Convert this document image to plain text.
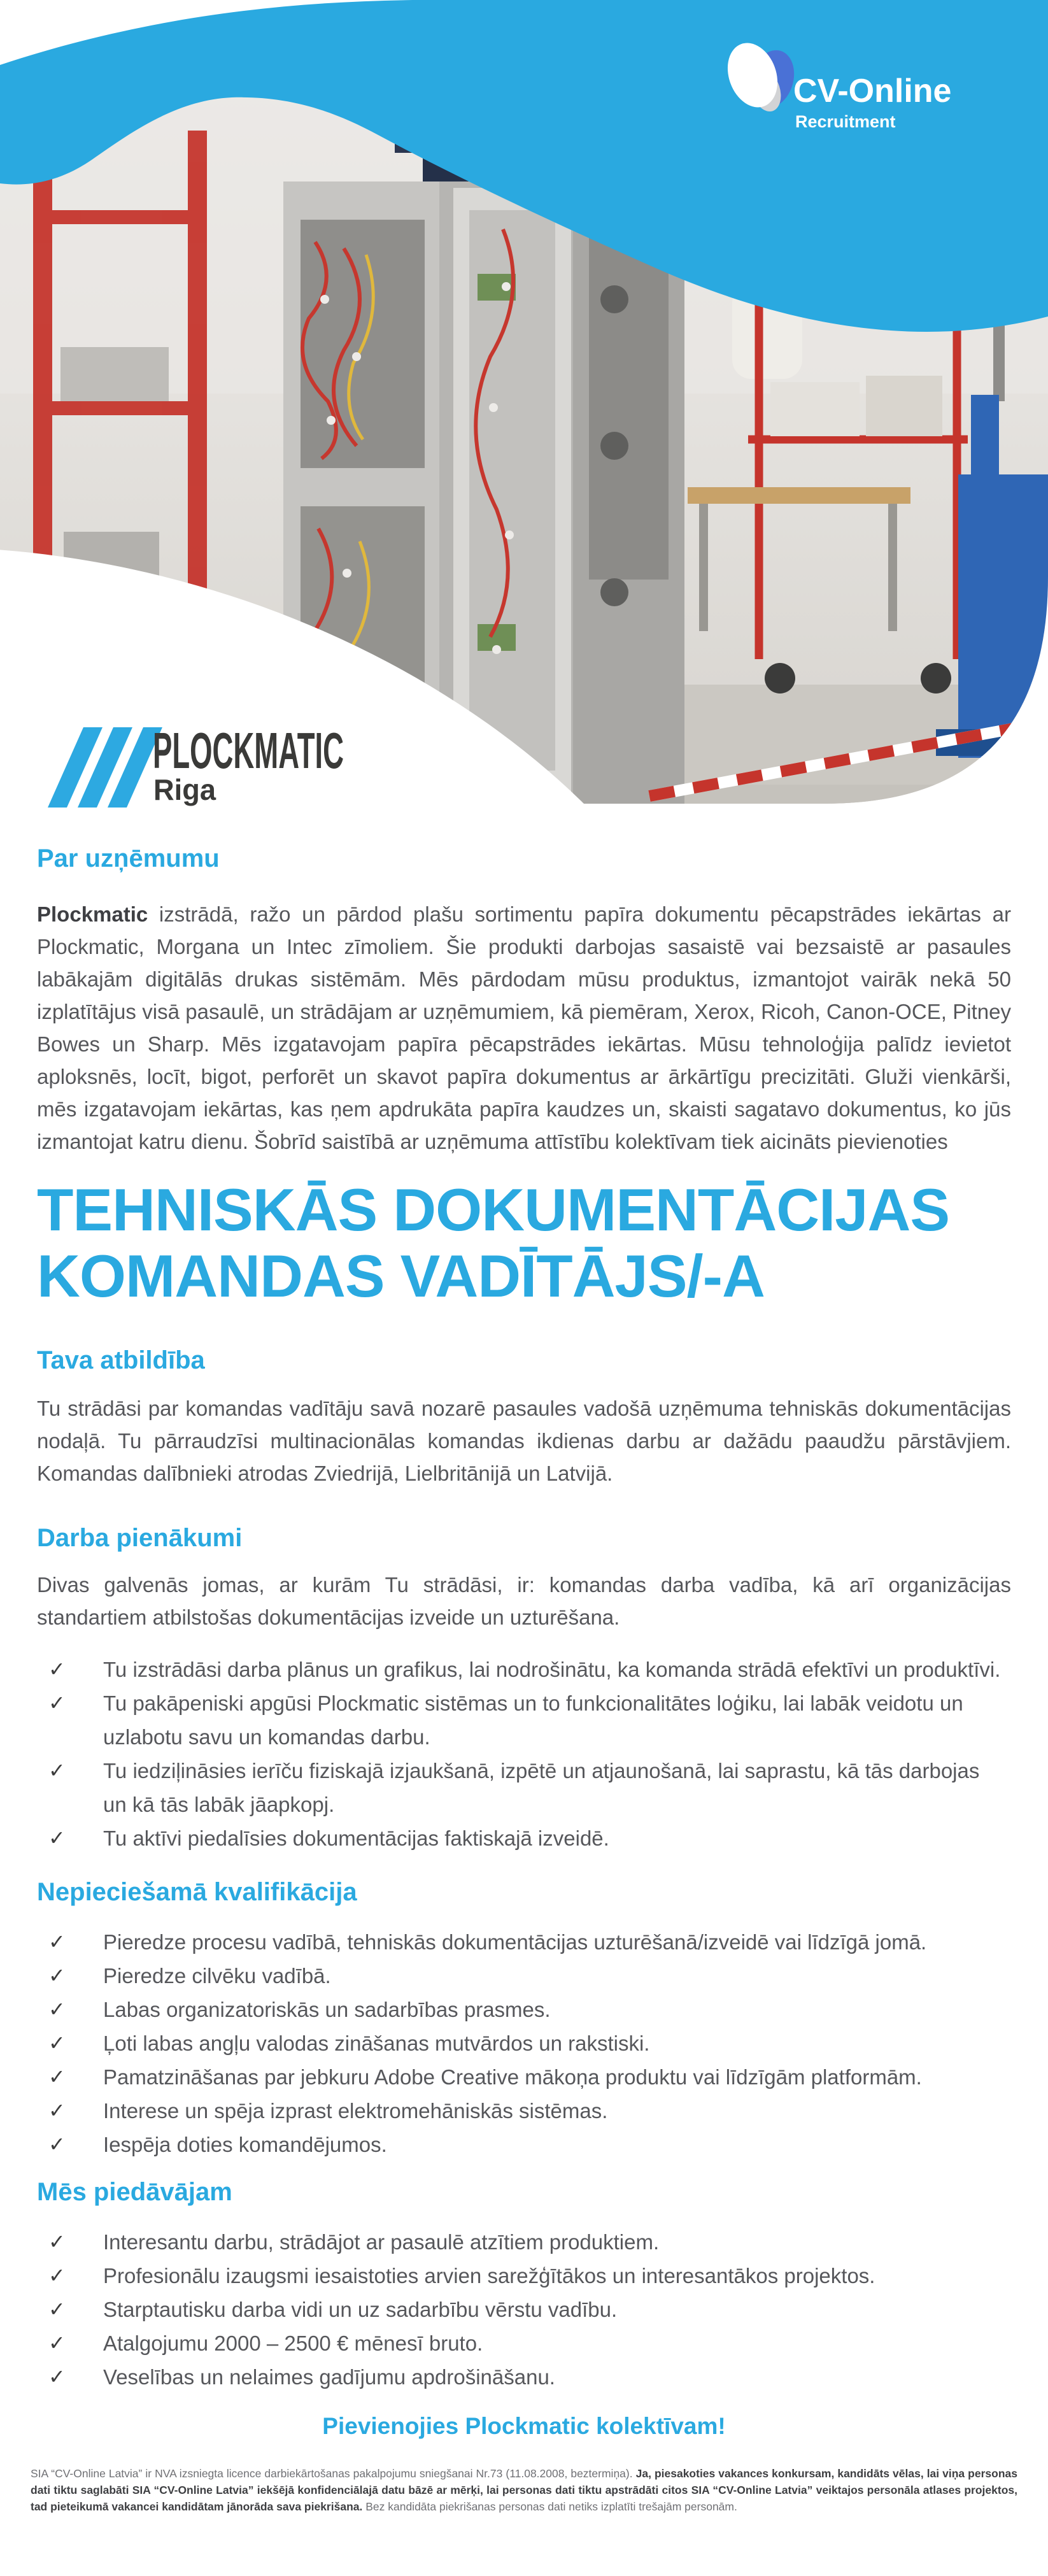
CV-Online
Recruitment
PLOCKMATIC
Riga
Par uzņēmumu

Plockmatic izstrādā, ražo un pārdod plašu sortimentu papīra dokumentu pēcapstrādes iekārtas ar Plockmatic, Morgana un Intec zīmoliem. Šie produkti darbojas sasaistē vai bezsaistē ar pasaules labākajām digitālās drukas sistēmām. Mēs pārdodam mūsu produktus, izmantojot vairāk nekā 50 izplatītājus visā pasaulē, un strādājam ar uzņēmumiem, kā piemēram, Xerox, Ricoh, Canon-OCE, Pitney Bowes un Sharp. Mēs izgatavojam papīra pēcapstrādes iekārtas. Mūsu tehnoloģija palīdz ievietot aploksnēs, locīt, bigot, perforēt un skavot papīra dokumentus ar ārkārtīgu precizitāti. Gluži vienkārši, mēs izgatavojam iekārtas, kas ņem apdrukāta papīra kaudzes un, skaisti sagatavo dokumentus, ko jūs izmantojat katru dienu. Šobrīd saistībā ar uzņēmuma attīstību kolektīvam tiek aicināts pievienoties

TEHNISKĀS DOKUMENTĀCIJAS
KOMANDAS VADĪTĀJS/-A
Tava atbildība

Tu strādāsi par komandas vadītāju savā nozarē pasaules vadošā uzņēmuma tehniskās dokumentācijas nodaļā. Tu pārraudzīsi multinacionālas komandas ikdienas darbu ar dažādu paaudžu pārstāvjiem. Komandas dalībnieki atrodas Zviedrijā, Lielbritānijā un Latvijā.

Darba pienākumi

Divas galvenās jomas, ar kurām Tu strādāsi, ir: komandas darba vadība, kā arī organizācijas standartiem atbilstošas dokumentācijas izveide un uzturēšana.

✓	Tu izstrādāsi darba plānus un grafikus, lai nodrošinātu, ka komanda strādā efektīvi un produktīvi.
✓	Tu pakāpeniski apgūsi Plockmatic sistēmas un to funkcionalitātes loģiku, lai labāk veidotu un uzlabotu savu un komandas darbu.
✓	Tu iedziļināsies ierīču fiziskajā izjaukšanā, izpētē un atjaunošanā, lai saprastu, kā tās darbojas un kā tās labāk jāapkopj.
✓	Tu aktīvi piedalīsies dokumentācijas faktiskajā izveidē.
Nepieciešamā kvalifikācija
✓	Pieredze procesu vadībā, tehniskās dokumentācijas uzturēšanā/izveidē vai līdzīgā jomā.
✓	Pieredze cilvēku vadībā.
✓	Labas organizatoriskās un sadarbības prasmes.
✓	Ļoti labas angļu valodas zināšanas mutvārdos un rakstiski.
✓	Pamatzināšanas par jebkuru Adobe Creative mākoņa produktu vai līdzīgām platformām.
✓	Interese un spēja izprast elektromehāniskās sistēmas.
✓	Iespēja doties komandējumos.
Mēs piedāvājam
✓	Interesantu darbu, strādājot ar pasaulē atzītiem produktiem.
✓	Profesionālu izaugsmi iesaistoties arvien sarežģītākos un interesantākos projektos.
✓	Starptautisku darba vidi un uz sadarbību vērstu vadību.
✓	Atalgojumu 2000 – 2500 € mēnesī bruto.
✓	Veselības un nelaimes gadījumu apdrošināšanu.
Pievienojies Plockmatic kolektīvam!

SIA “CV-Online Latvia” ir NVA izsniegta licence darbiekārtošanas pakalpojumu sniegšanai Nr.73 (11.08.2008, beztermiņa). Ja, piesakoties vakances konkursam, kandidāts vēlas, lai viņa personas dati tiktu saglabāti SIA “CV-Online Latvia” iekšējā konfidenciālajā datu bāzē ar mērķi, lai personas dati tiktu apstrādāti citos SIA “CV-Online Latvia” veiktajos personāla atlases projektos, tad pieteikumā vakancei kandidātam jānorāda sava piekrišana. Bez kandidāta piekrišanas personas dati netiks izplatīti trešajām personām.
